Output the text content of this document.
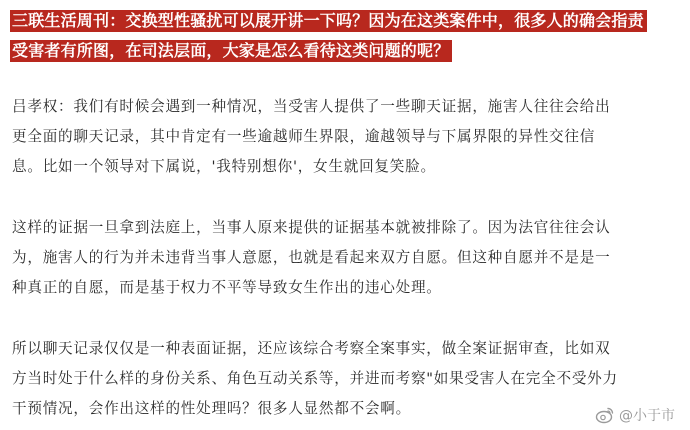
三联生活周刊：交换型性骚扰可以展开讲一下吗？因为在这类案件中，很多人的确会指责
受害者有所图，在司法层面，大家是怎么看待这类问题的呢？
吕孝权：我们有时候会遇到一种情况，当受害人提供了一些聊天证据，施害人往往会给出
更全面的聊天记录，其中肯定有一些逾越师生界限，逾越领导与下属界限的异性交往信
息。比如一个领导对下属说，'我特别想你'，女生就回复笑脸。
这样的证据一旦拿到法庭上，当事人原来提供的证据基本就被排除了。因为法官往往会认
为，施害人的行为并未违背当事人意愿，也就是看起来双方自愿。但这种自愿并不是是一
种真正的自愿，而是基于权力不平等导致女生作出的违心处理。
所以聊天记录仅仅是一种表面证据，还应该综合考察全案事实，做全案证据审查，比如双
方当时处于什么样的身份关系、角色互动关系等，并进而考察"如果受害人在完全不受外力
干预情况，会作出这样的性处理吗？很多人显然都不会啊。	@小于市
